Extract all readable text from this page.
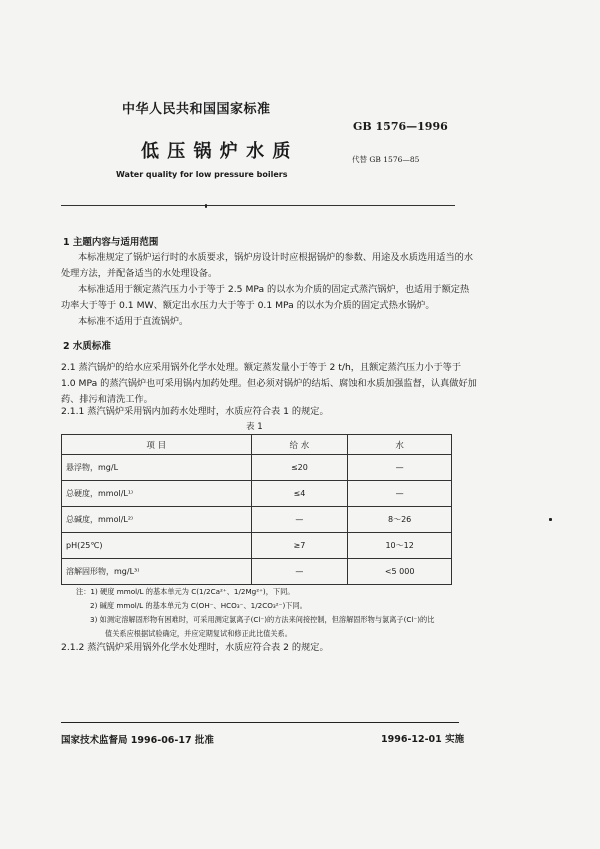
中华人民共和国国家标准
GB 1576—1996
低 压 锅 炉 水 质	代替 GB 1576—85
Water quality for low pressure boilers
1 主题内容与适用范围
本标准规定了锅炉运行时的水质要求，锅炉房设计时应根据锅炉的参数、用途及水质选用适当的水
处理方法，并配备适当的水处理设备。
本标准适用于额定蒸汽压力小于等于 2.5 MPa 的以水为介质的固定式蒸汽锅炉，也适用于额定热
功率大于等于 0.1 MW、额定出水压力大于等于 0.1 MPa 的以水为介质的固定式热水锅炉。
本标准不适用于直流锅炉。
2 水质标准
2.1 蒸汽锅炉的给水应采用锅外化学水处理。额定蒸发量小于等于 2 t/h，且额定蒸汽压力小于等于
1.0 MPa 的蒸汽锅炉也可采用锅内加药处理。但必须对锅炉的结垢、腐蚀和水质加强监督，认真做好加
药、排污和清洗工作。
2.1.1 蒸汽锅炉采用锅内加药水处理时，水质应符合表 1 的规定。
表 1
项 目	给 水	水
悬浮物，mg/L	≤20	—
总硬度，mmol/L¹⁾	≤4	—
总碱度，mmol/L²⁾	—	8～26
pH(25℃)	≥7	10～12
溶解固形物，mg/L³⁾	—	<5 000
注：1) 硬度 mmol/L 的基本单元为 C(1/2Ca²⁺、1/2Mg²⁺)，下同。
2) 碱度 mmol/L 的基本单元为 C(OH⁻、HCO₃⁻、1/2CO₃²⁻)下同。
3) 如测定溶解固形物有困难时，可采用测定氯离子(Cl⁻)的方法来间接控制，但溶解固形物与氯离子(Cl⁻)的比
值关系应根据试验确定，并应定期复试和修正此比值关系。
2.1.2 蒸汽锅炉采用锅外化学水处理时，水质应符合表 2 的规定。
国家技术监督局 1996-06-17 批准	1996-12-01 实施
